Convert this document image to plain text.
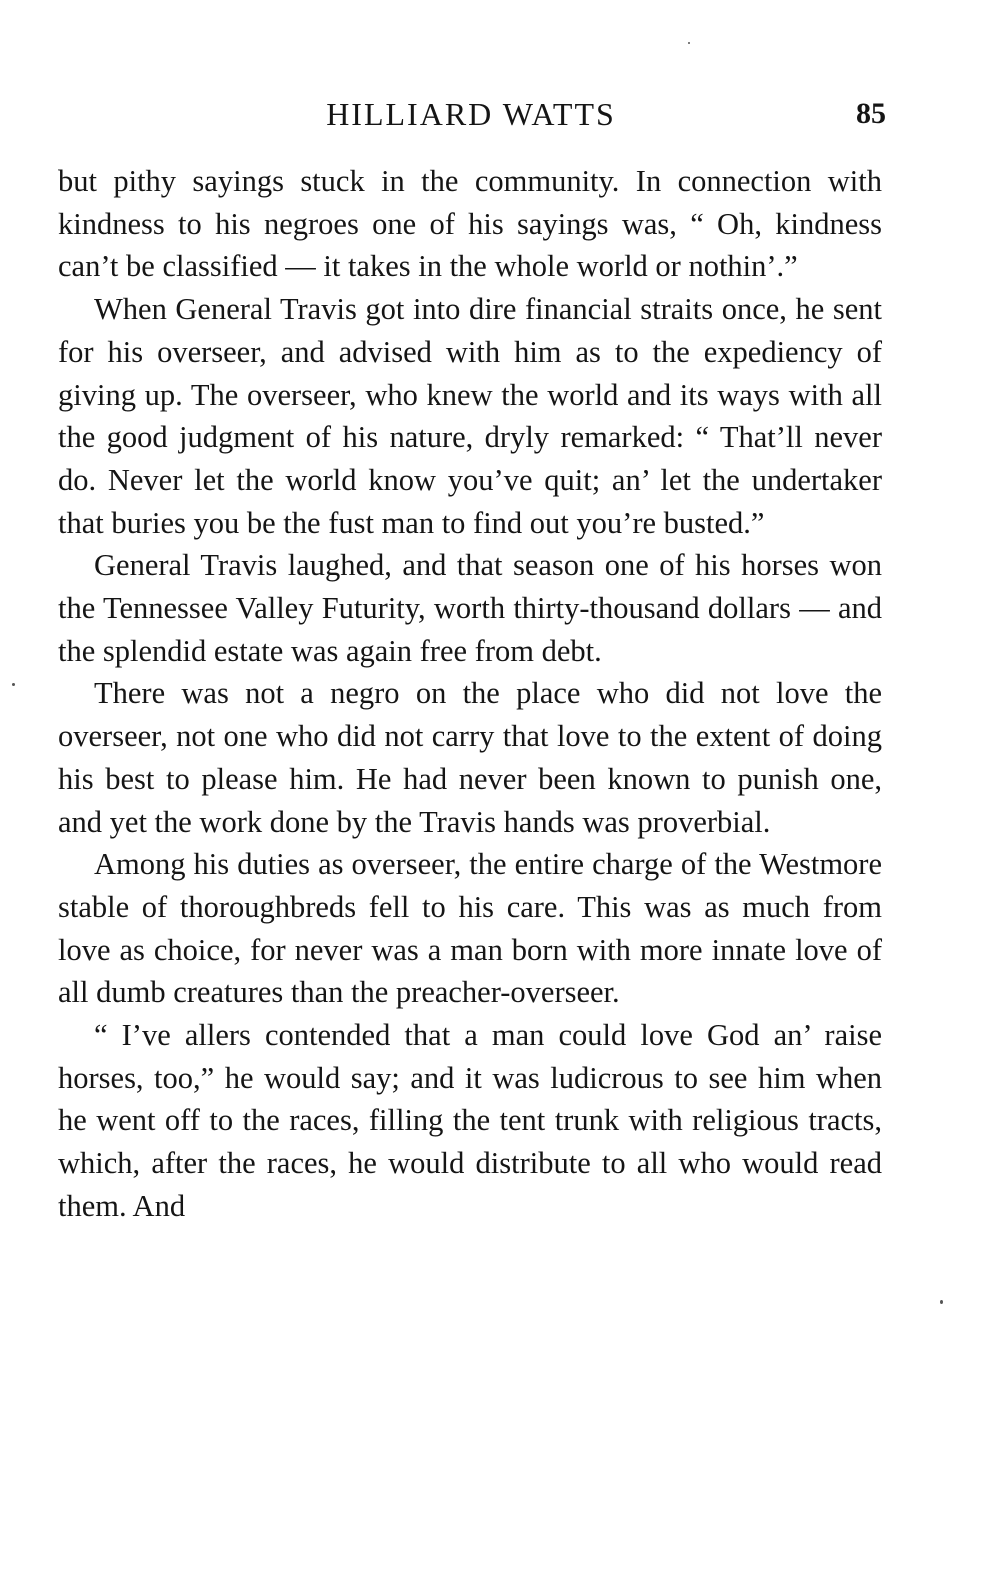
HILLIARD WATTS	85

but pithy sayings stuck in the community. In connection with kindness to his negroes one of his sayings was, “ Oh, kindness can’t be classified — it takes in the whole world or nothin’.”

When General Travis got into dire financial straits once, he sent for his overseer, and advised with him as to the expediency of giving up. The overseer, who knew the world and its ways with all the good judgment of his nature, dryly remarked: “ That’ll never do. Never let the world know you’ve quit; an’ let the undertaker that buries you be the fust man to find out you’re busted.”

General Travis laughed, and that season one of his horses won the Tennessee Valley Futurity, worth thirty-thousand dollars — and the splendid estate was again free from debt.

There was not a negro on the place who did not love the overseer, not one who did not carry that love to the extent of doing his best to please him. He had never been known to punish one, and yet the work done by the Travis hands was proverbial.

Among his duties as overseer, the entire charge of the Westmore stable of thoroughbreds fell to his care. This was as much from love as choice, for never was a man born with more innate love of all dumb creatures than the preacher-overseer.

“ I’ve allers contended that a man could love God an’ raise horses, too,” he would say; and it was ludicrous to see him when he went off to the races, filling the tent trunk with religious tracts, which, after the races, he would distribute to all who would read them. And
